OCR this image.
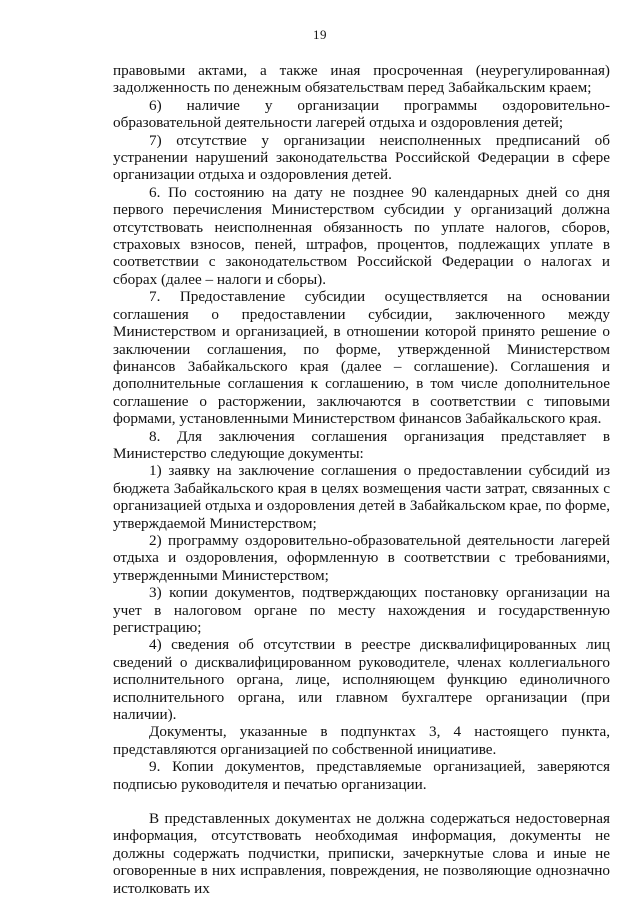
19

правовыми актами, а также иная просроченная (неурегулированная) задолженность по денежным обязательствам перед Забайкальским краем;

6) наличие у организации программы оздоровительно-образовательной деятельности лагерей отдыха и оздоровления детей;

7) отсутствие у организации неисполненных предписаний об устранении нарушений законодательства Российской Федерации в сфере организации отдыха и оздоровления детей.

6. По состоянию на дату не позднее 90 календарных дней со дня первого перечисления Министерством субсидии у организаций должна отсутствовать неисполненная обязанность по уплате налогов, сборов, страховых взносов, пеней, штрафов, процентов, подлежащих уплате в соответствии с законодательством Российской Федерации о налогах и сборах (далее – налоги и сборы).

7. Предоставление субсидии осуществляется на основании соглашения о предоставлении субсидии, заключенного между Министерством и организацией, в отношении которой принято решение о заключении соглашения, по форме, утвержденной Министерством финансов Забайкальского края (далее – соглашение). Соглашения и дополнительные соглашения к соглашению, в том числе дополнительное соглашение о расторжении, заключаются в соответствии с типовыми формами, установленными Министерством финансов Забайкальского края.

8. Для заключения соглашения организация представляет в Министерство следующие документы:

1) заявку на заключение соглашения о предоставлении субсидий из бюджета Забайкальского края в целях возмещения части затрат, связанных с организацией отдыха и оздоровления детей в Забайкальском крае, по форме, утверждаемой Министерством;

2) программу оздоровительно-образовательной деятельности лагерей отдыха и оздоровления, оформленную в соответствии с требованиями, утвержденными Министерством;

3) копии документов, подтверждающих постановку организации на учет в налоговом органе по месту нахождения и государственную регистрацию;

4) сведения об отсутствии в реестре дисквалифицированных лиц сведений о дисквалифицированном руководителе, членах коллегиального исполнительного органа, лице, исполняющем функцию единоличного исполнительного органа, или главном бухгалтере организации (при наличии).

Документы, указанные в подпунктах 3, 4 настоящего пункта, представляются организацией по собственной инициативе.

9. Копии документов, представляемые организацией, заверяются подписью руководителя и печатью организации.

В представленных документах не должна содержаться недостоверная информация, отсутствовать необходимая информация, документы не должны содержать подчистки, приписки, зачеркнутые слова и иные не оговоренные в них исправления, повреждения, не позволяющие однозначно истолковать их
